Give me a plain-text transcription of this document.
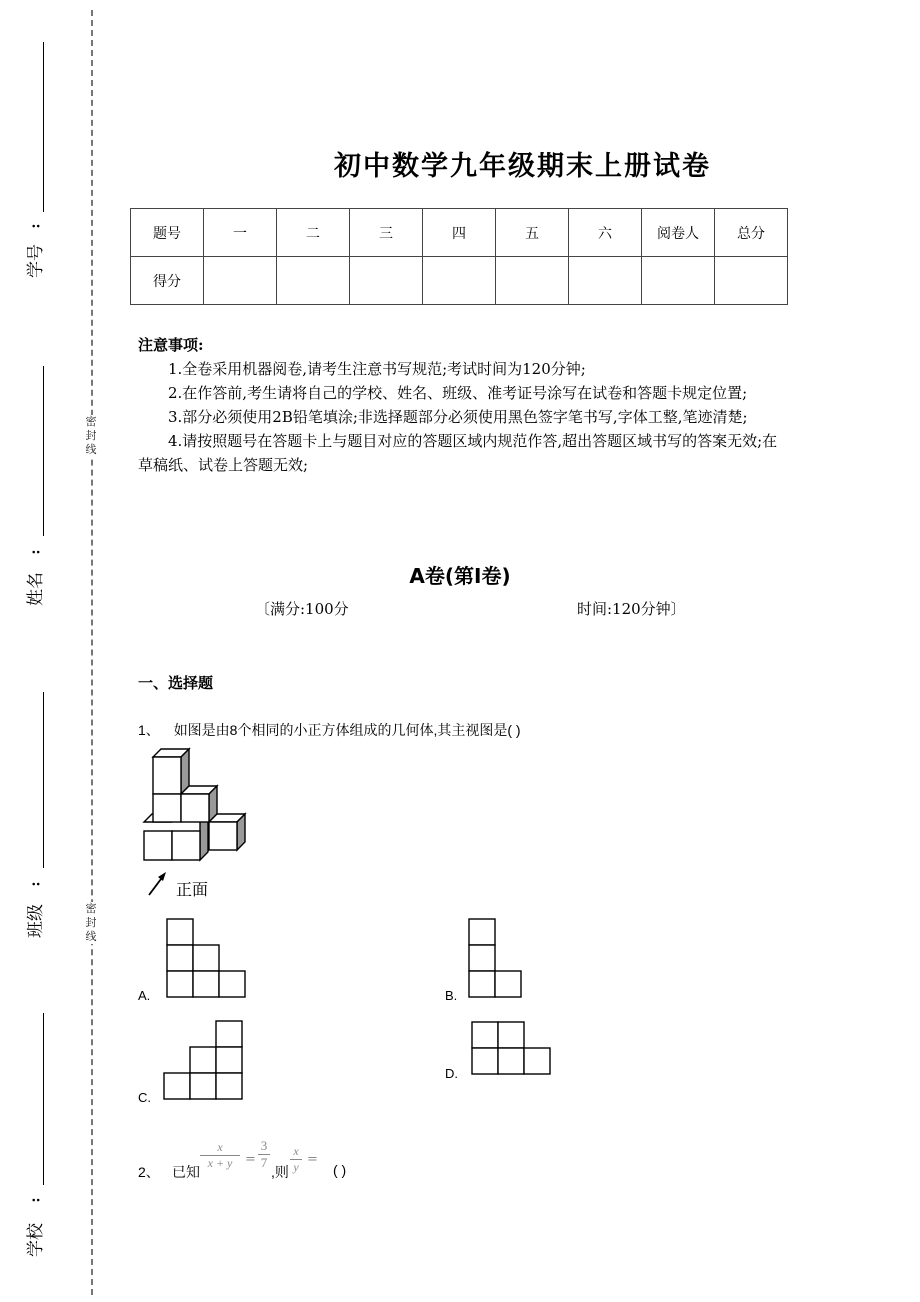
密
封
线
密
封
线
:
学号
:
姓名
:
班级
:
学校
初中数学九年级期末上册试卷
题号	一	二	三	四	五	六	阅卷人	总分
得分								
注意事项:

1.全卷采用机器阅卷,请考生注意书写规范;考试时间为120分钟;

2.在作答前,考生请将自己的学校、姓名、班级、准考证号涂写在试卷和答题卡规定位置;

3.部分必须使用2B铅笔填涂;非选择题部分必须使用黑色签字笔书写,字体工整,笔迹清楚;

4.请按照题号在答题卡上与题目对应的答题区域内规范作答,超出答题区域书写的答案无效;在草稿纸、试卷上答题无效;

A卷(第I卷)
〔满分:100分	时间:120分钟〕
一、选择题
1、 如图是由8个相同的小正方体组成的几何体,其主视图是( )
正面
A.	B.
C.
D.
2、 已知
x
x + y =
3
7
,则
x
y =
( )
